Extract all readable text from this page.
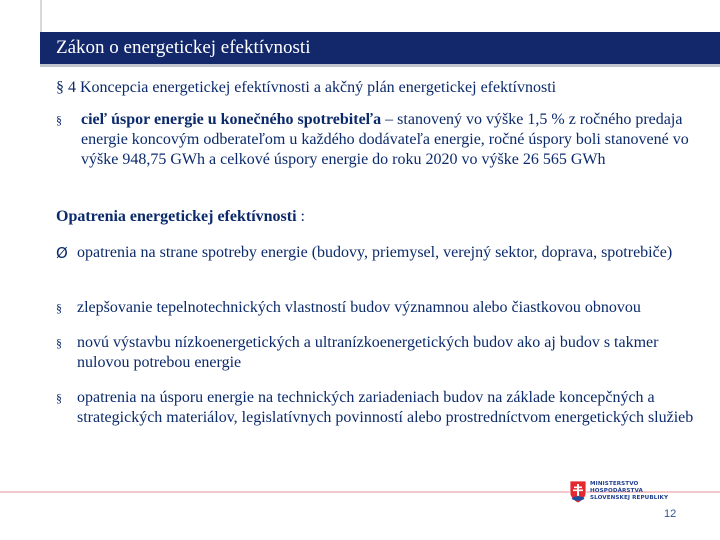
Zákon o energetickej efektívnosti
§ 4 Koncepcia energetickej efektívnosti a akčný plán energetickej efektívnosti
§	cieľ úspor energie u konečného spotrebiteľa – stanovený vo výške 1,5 % z ročného predaja energie koncovým odberateľom u každého dodávateľa energie, ročné úspory boli stanovené vo výške 948,75 GWh a celkové úspory energie do roku 2020 vo výške 26 565 GWh
Opatrenia energetickej efektívnosti :
Ø opatrenia na strane spotreby energie (budovy, priemysel, verejný sektor, doprava, spotrebiče)
§ zlepšovanie tepelnotechnických vlastností budov významnou alebo čiastkovou obnovou
§ novú výstavbu nízkoenergetických a ultranízkoenergetických budov ako aj budov s takmer nulovou potrebou energie
§ opatrenia na úsporu energie na technických zariadeniach budov na základe koncepčných a strategických materiálov, legislatívnych povinností alebo prostredníctvom energetických služieb
MINISTERSTVO
HOSPODÁRSTVA
SLOVENSKEJ REPUBLIKY
12
